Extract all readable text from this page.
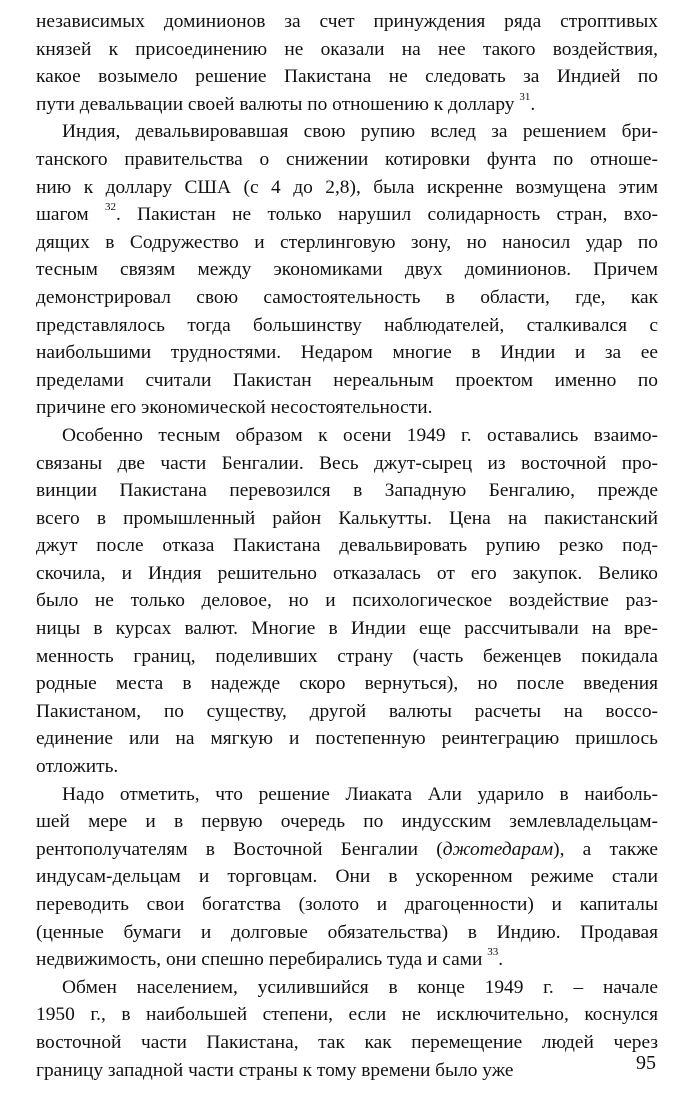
независимых доминионов за счет принуждения ряда строптивых
князей к присоединению не оказали на нее такого воздействия,
какое возымело решение Пакистана не следовать за Индией по
пути девальвации своей валюты по отношению к доллару $^{31}$.
Индия, девальвировавшая свою рупию вслед за решением бри-
танского правительства о снижении котировки фунта по отноше-
нию к доллару США (с 4 до 2,8), была искренне возмущена этим
шагом $^{32}$. Пакистан не только нарушил солидарность стран, вхо-
дящих в Содружество и стерлинговую зону, но наносил удар по
тесным связям между экономиками двух доминионов. Причем
демонстрировал свою самостоятельность в области, где, как
представлялось тогда большинству наблюдателей, сталкивался с
наибольшими трудностями. Недаром многие в Индии и за ее
пределами считали Пакистан нереальным проектом именно по
причине его экономической несостоятельности.
Особенно тесным образом к осени 1949 г. оставались взаимо-
связаны две части Бенгалии. Весь джут-сырец из восточной про-
винции Пакистана перевозился в Западную Бенгалию, прежде
всего в промышленный район Калькутты. Цена на пакистанский
джут после отказа Пакистана девальвировать рупию резко под-
скочила, и Индия решительно отказалась от его закупок. Велико
было не только деловое, но и психологическое воздействие раз-
ницы в курсах валют. Многие в Индии еще рассчитывали на вре-
менность границ, поделивших страну (часть беженцев покидала
родные места в надежде скоро вернуться), но после введения
Пакистаном, по существу, другой валюты расчеты на воссо-
единение или на мягкую и постепенную реинтеграцию пришлось
отложить.
Надо отметить, что решение Лиаката Али ударило в наиболь-
шей мере и в первую очередь по индусским землевладельцам-
рентополучателям в Восточной Бенгалии (джотедарам), а также
индусам-дельцам и торговцам. Они в ускоренном режиме стали
переводить свои богатства (золото и драгоценности) и капиталы
(ценные бумаги и долговые обязательства) в Индию. Продавая
недвижимость, они спешно перебирались туда и сами $^{33}$.
Обмен населением, усилившийся в конце 1949 г. – начале
1950 г., в наибольшей степени, если не исключительно, коснулся
восточной части Пакистана, так как перемещение людей через
границу западной части страны к тому времени было уже	95
